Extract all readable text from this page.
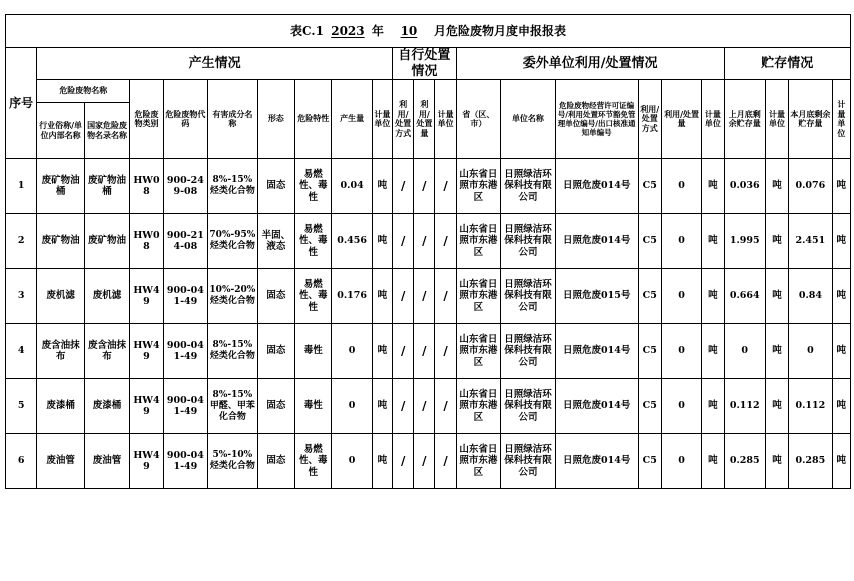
表C.1 2023 年 10 月危险废物月度申报报表																						
序号	产生情况									自行处置情况			委外单位利用/处置情况						贮存情况			
	危险废物名称		危险废物类别	危险废物代码	有害成分名称	形态	危险特性	产生量	计量单位	利用/处置方式	利用/处置量	计量单位	省（区、市）	单位名称	危险废物经营许可证编号/利用处置环节豁免管理单位编号/出口核准通知单编号	利用/处置方式	利用/处置量	计量单位	上月底剩余贮存量	计量单位	本月底剩余贮存量	计量单位
	行业俗称/单位内部名称	国家危险废物名录名称																				
1	废矿物油桶	废矿物油桶	HW08	900-249-08	8%-15%烃类化合物	固态	易燃性、毒性	0.04	吨	/	/	/	山东省日照市东港区	日照绿洁环保科技有限公司	日照危废014号	C5	0	吨	0.036	吨	0.076	吨
2	废矿物油	废矿物油	HW08	900-214-08	70%-95%烃类化合物	半固、液态	易燃性、毒性	0.456	吨	/	/	/	山东省日照市东港区	日照绿洁环保科技有限公司	日照危废014号	C5	0	吨	1.995	吨	2.451	吨
3	废机滤	废机滤	HW49	900-041-49	10%-20%烃类化合物	固态	易燃性、毒性	0.176	吨	/	/	/	山东省日照市东港区	日照绿洁环保科技有限公司	日照危废015号	C5	0	吨	0.664	吨	0.84	吨
4	废含油抹布	废含油抹布	HW49	900-041-49	8%-15%烃类化合物	固态	毒性	0	吨	/	/	/	山东省日照市东港区	日照绿洁环保科技有限公司	日照危废014号	C5	0	吨	0	吨	0	吨
5	废漆桶	废漆桶	HW49	900-041-49	8%-15%甲醛、甲苯化合物	固态	毒性	0	吨	/	/	/	山东省日照市东港区	日照绿洁环保科技有限公司	日照危废014号	C5	0	吨	0.112	吨	0.112	吨
6	废油管	废油管	HW49	900-041-49	5%-10%烃类化合物	固态	易燃性、毒性	0	吨	/	/	/	山东省日照市东港区	日照绿洁环保科技有限公司	日照危废014号	C5	0	吨	0.285	吨	0.285	吨
